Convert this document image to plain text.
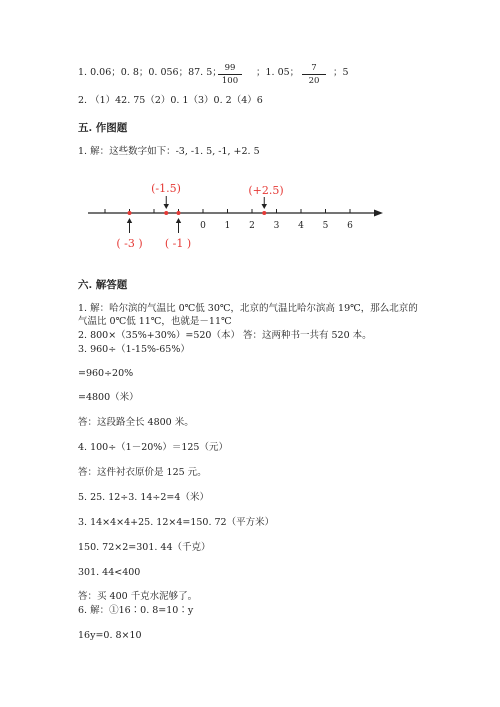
1. 0.06；0. 8；0. 056；87. 5；
$\frac{99}{100}$ ；1. 05； $\frac{7}{20}$ ；5
2. （1）42. 75（2）0. 1（3）0. 2（4）6
五. 作图题
1. 解：这些数字如下：-3, -1. 5, -1, +2. 5
0 1 2 3 4 5 6
(-1.5)	(+2.5)
( -3 ) ( -1 )
六. 解答题
1. 解：哈尔滨的气温比 0℃低 30℃，北京的气温比哈尔滨高 19℃，那么北京的
气温比 0℃低 11℃，也就是－11℃
2. 800×（35%+30%）=520（本） 答：这两种书一共有 520 本。
3. 960÷（1-15%-65%）
=960÷20%
=4800（米）
答：这段路全长 4800 米。
4. 100÷（1－20%）＝125（元）
答：这件衬衣原价是 125 元。
5. 25. 12÷3. 14÷2=4（米）
3. 14×4×4+25. 12×4=150. 72（平方米）
150. 72×2=301. 44（千克）
301. 44<400
答：买 400 千克水泥够了。
6. 解：①16∶0. 8=10∶y
16y=0. 8×10
